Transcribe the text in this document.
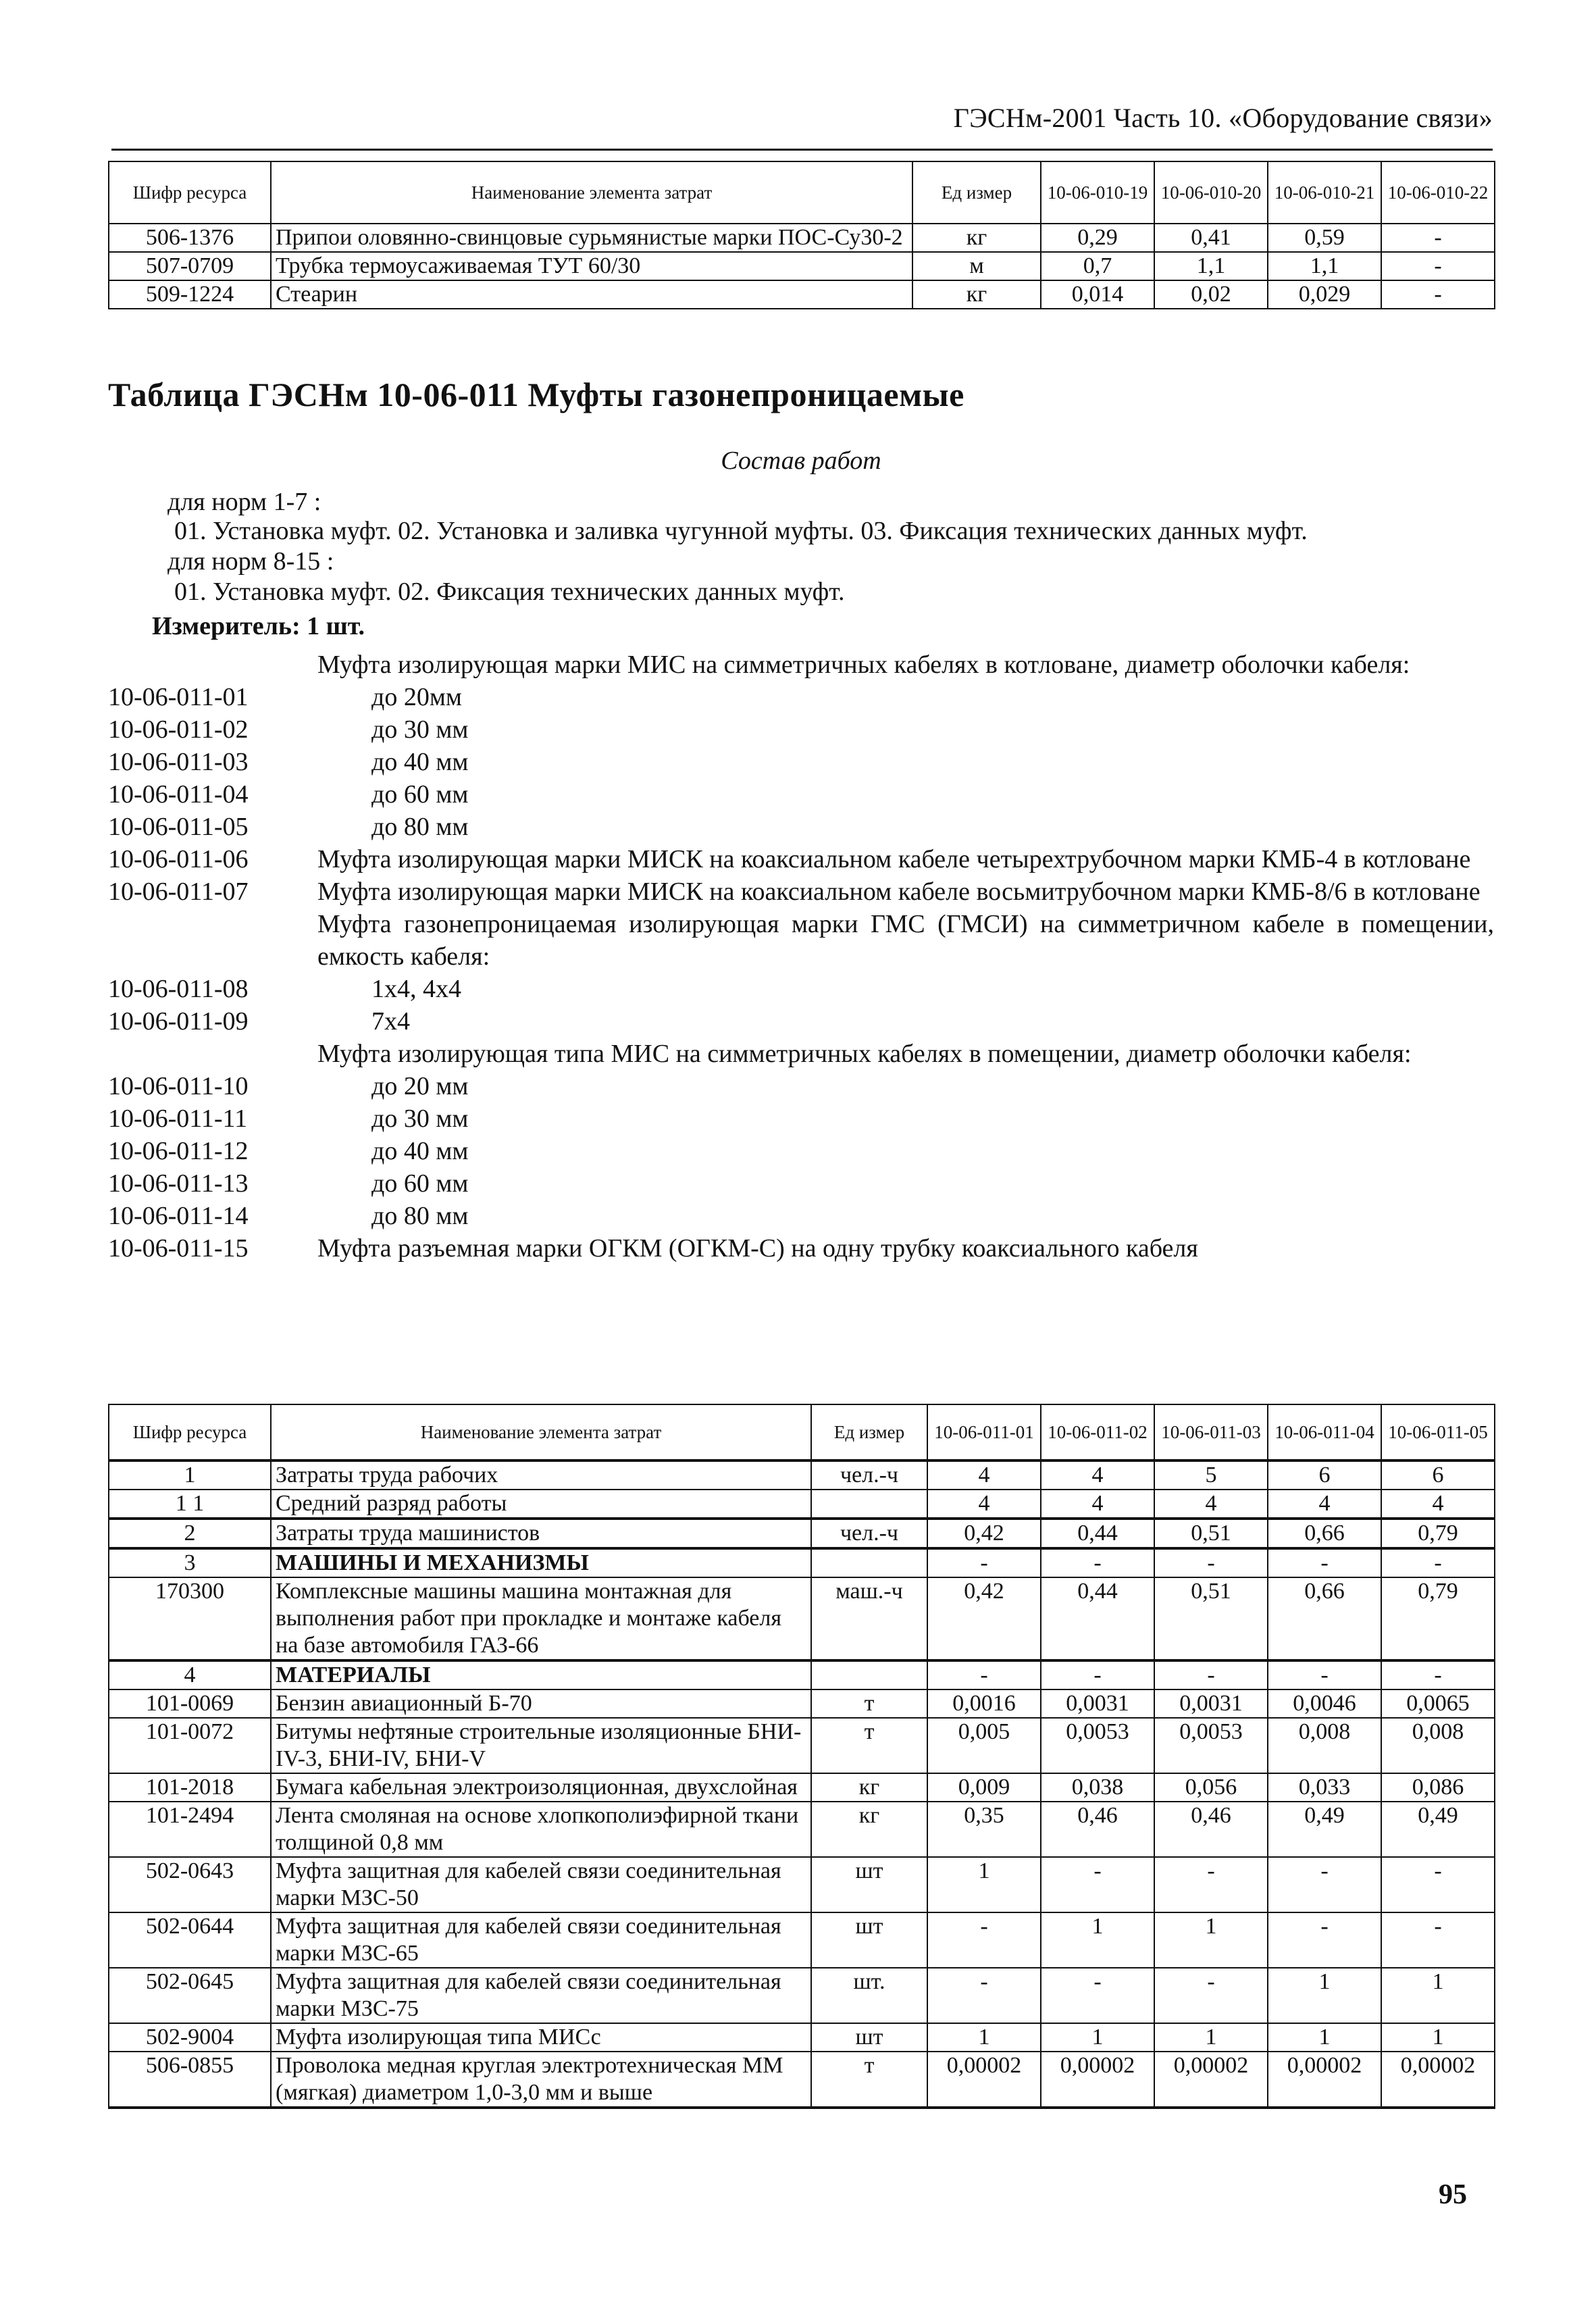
ГЭСНм-2001 Часть 10. «Оборудование связи»
Шифр ресурса	Наименование элемента затрат	Ед измер	10-06-010-19	10-06-010-20	10-06-010-21	10-06-010-22
506-1376	Припои оловянно-свинцовые сурьмянистые марки ПОС-Су30-2	кг	0,29	0,41	0,59	-
507-0709	Трубка термоусаживаемая ТУТ 60/30	м	0,7	1,1	1,1	-
509-1224	Стеарин	кг	0,014	0,02	0,029	-
Таблица ГЭСНм 10-06-011 Муфты газонепроницаемые
Состав работ

для норм 1-7 :

01. Установка муфт. 02. Установка и заливка чугунной муфты. 03. Фиксация технических данных муфт.

для норм 8-15 :

01. Установка муфт. 02. Фиксация технических данных муфт.

Измеритель: 1 шт.
Муфта изолирующая марки МИС на симметричных кабелях в котловане, диаметр оболочки кабеля:
10-06-011-01	до 20мм
10-06-011-02	до 30 мм
10-06-011-03	до 40 мм
10-06-011-04	до 60 мм
10-06-011-05	до 80 мм
10-06-011-06	Муфта изолирующая марки МИСК на коаксиальном кабеле четырехтрубочном марки КМБ-4 в котловане
10-06-011-07	Муфта изолирующая марки МИСК на коаксиальном кабеле восьмитрубочном марки КМБ-8/6 в котловане
Муфта газонепроницаемая изолирующая марки ГМС (ГМСИ) на симметричном кабеле в помещении, емкость кабеля:
10-06-011-08	1х4, 4х4
10-06-011-09	7х4
Муфта изолирующая типа МИС на симметричных кабелях в помещении, диаметр оболочки кабеля:
10-06-011-10	до 20 мм
10-06-011-11	до 30 мм
10-06-011-12	до 40 мм
10-06-011-13	до 60 мм
10-06-011-14	до 80 мм
10-06-011-15	Муфта разъемная марки ОГКМ (ОГКМ-С) на одну трубку коаксиального кабеля
Шифр ресурса	Наименование элемента затрат	Ед измер	10-06-011-01	10-06-011-02	10-06-011-03	10-06-011-04	10-06-011-05
1	Затраты труда рабочих	чел.-ч	4	4	5	6	6
1 1	Средний разряд работы		4	4	4	4	4
2	Затраты труда машинистов	чел.-ч	0,42	0,44	0,51	0,66	0,79
3	МАШИНЫ И МЕХАНИЗМЫ		-	-	-	-	-
170300	Комплексные машины машина монтажная для выполнения работ при прокладке и монтаже кабеля на базе автомобиля ГАЗ-66	маш.-ч	0,42	0,44	0,51	0,66	0,79
4	МАТЕРИАЛЫ		-	-	-	-	-
101-0069	Бензин авиационный Б-70	т	0,0016	0,0031	0,0031	0,0046	0,0065
101-0072	Битумы нефтяные строительные изоляционные БНИ-IV-3, БНИ-IV, БНИ-V	т	0,005	0,0053	0,0053	0,008	0,008
101-2018	Бумага кабельная электроизоляционная, двухслойная	кг	0,009	0,038	0,056	0,033	0,086
101-2494	Лента смоляная на основе хлопкополиэфирной ткани толщиной 0,8 мм	кг	0,35	0,46	0,46	0,49	0,49
502-0643	Муфта защитная для кабелей связи соединительная марки МЗС-50	шт	1	-	-	-	-
502-0644	Муфта защитная для кабелей связи соединительная марки МЗС-65	шт	-	1	1	-	-
502-0645	Муфта защитная для кабелей связи соединительная марки МЗС-75	шт.	-	-	-	1	1
502-9004	Муфта изолирующая типа МИСс	шт	1	1	1	1	1
506-0855	Проволока медная круглая электротехническая ММ (мягкая) диаметром 1,0-3,0 мм и выше	т	0,00002	0,00002	0,00002	0,00002	0,00002
95
